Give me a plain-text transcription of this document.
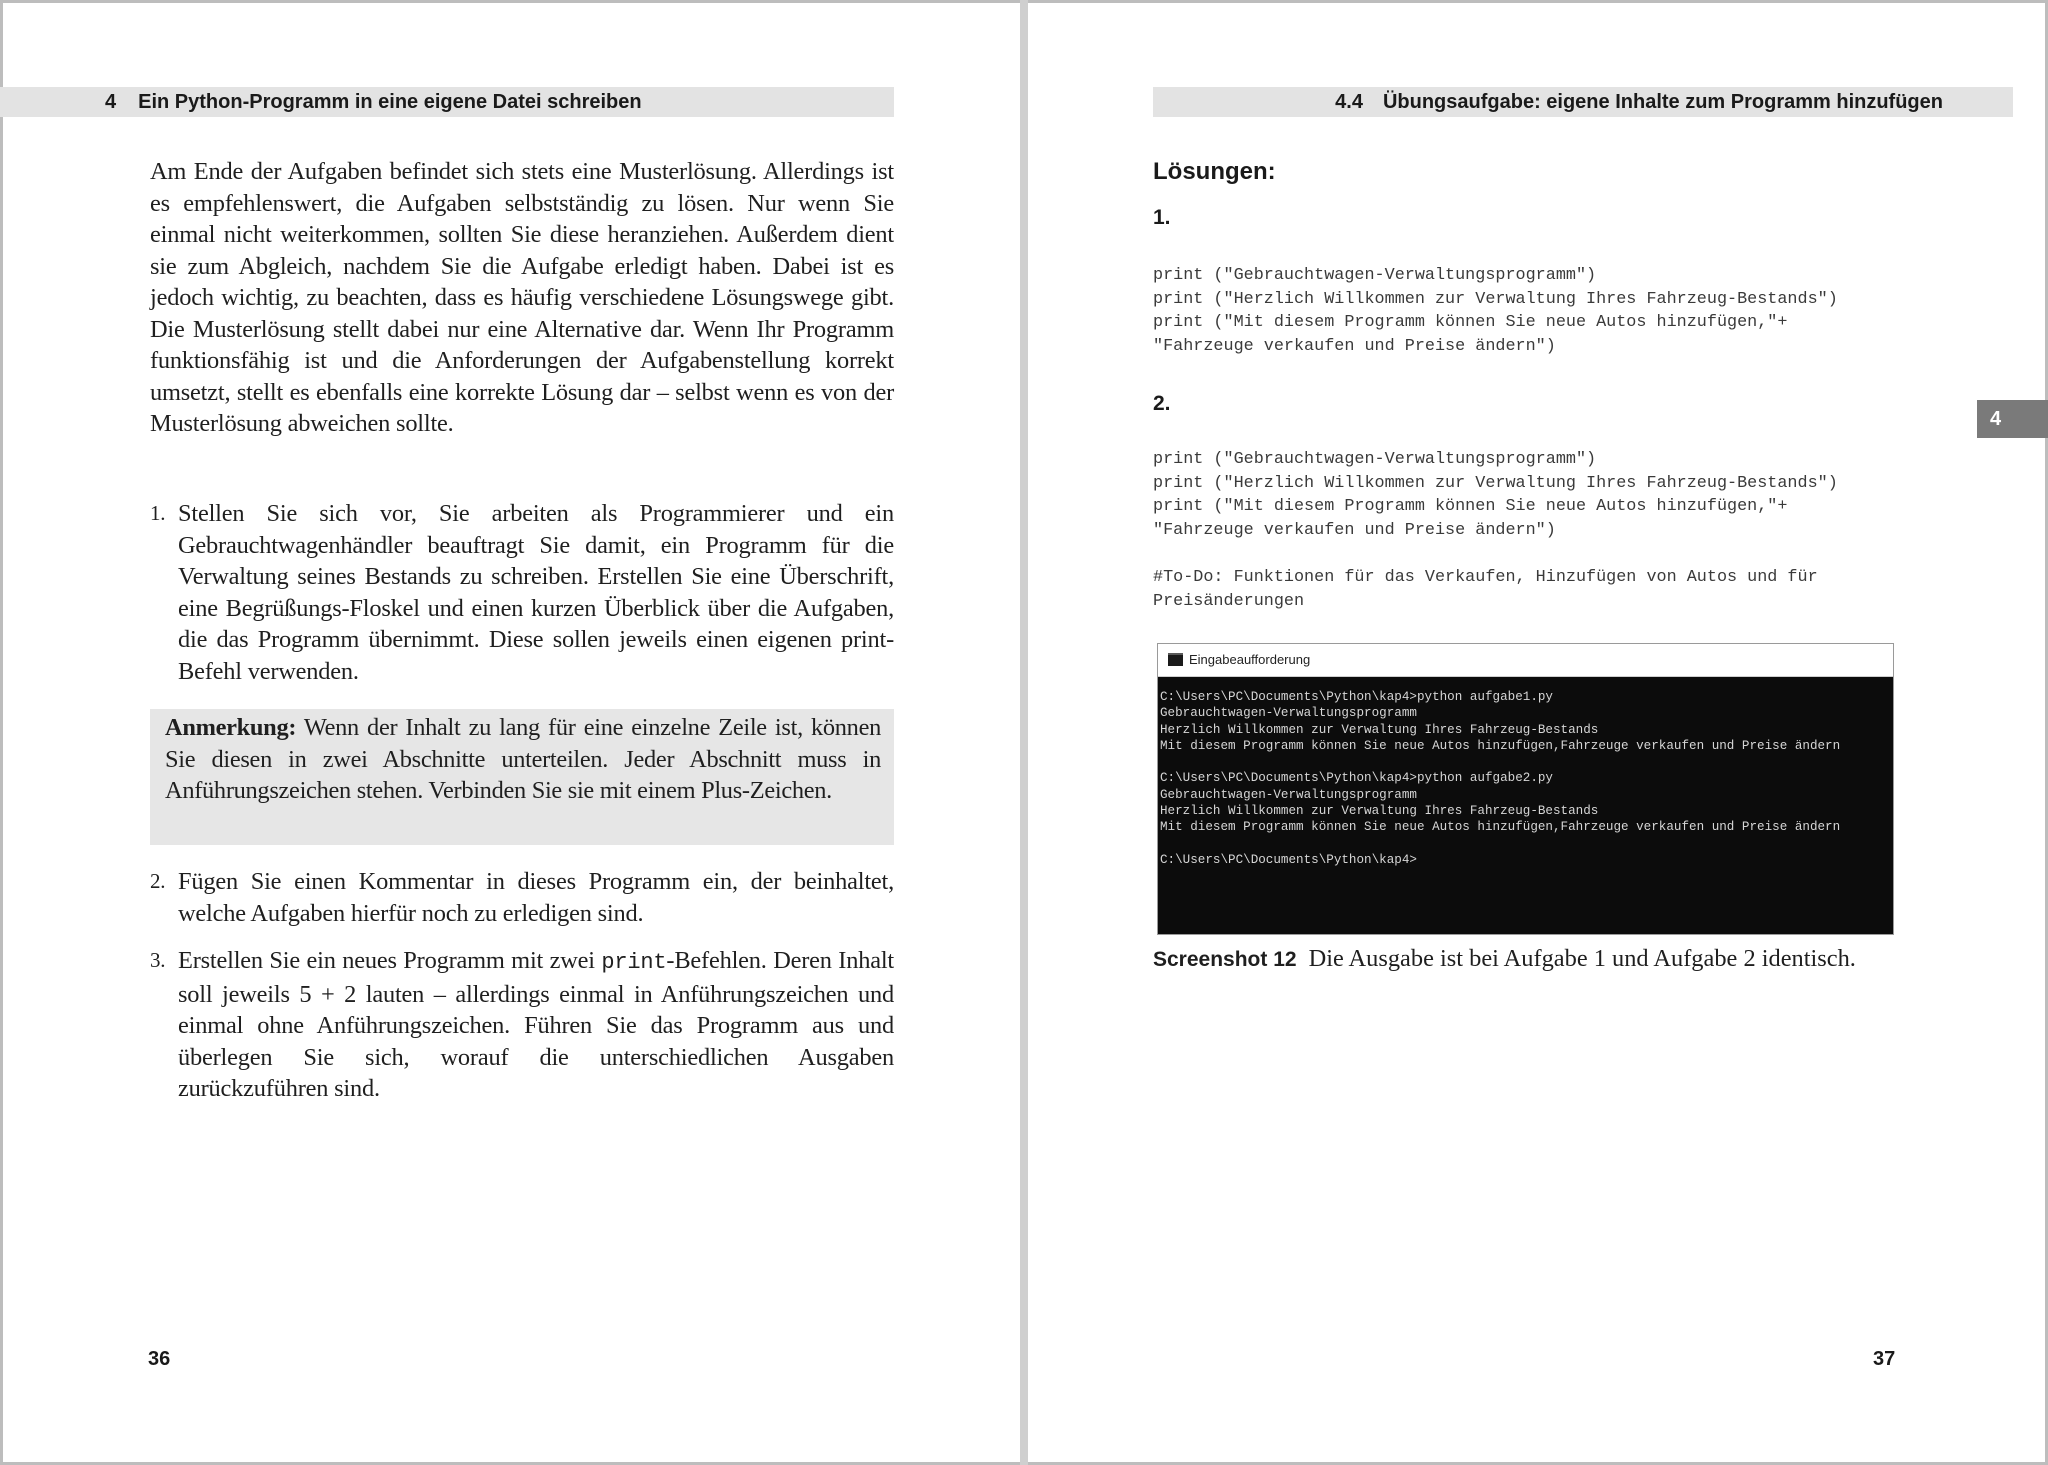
4 Ein Python-Programm in eine eigene Datei schreiben
Am Ende der Aufgaben befindet sich stets eine Musterlösung. Allerdings ist es empfehlenswert, die Aufgaben selbstständig zu lösen. Nur wenn Sie einmal nicht weiterkommen, sollten Sie diese heranziehen. Außerdem dient sie zum Abgleich, nachdem Sie die Aufgabe erledigt haben. Dabei ist es jedoch wichtig, zu beachten, dass es häufig verschiedene Lösungswege gibt. Die Musterlösung stellt dabei nur eine Alternative dar. Wenn Ihr Programm funktionsfähig ist und die Anforderungen der Aufgabenstellung korrekt umsetzt, stellt es ebenfalls eine korrekte Lösung dar – selbst wenn es von der Musterlösung abweichen sollte.
1. Stellen Sie sich vor, Sie arbeiten als Programmierer und ein Gebrauchtwagenhändler beauftragt Sie damit, ein Programm für die Verwaltung seines Bestands zu schreiben. Erstellen Sie eine Überschrift, eine Begrüßungs-Floskel und einen kurzen Überblick über die Aufgaben, die das Programm übernimmt. Diese sollen jeweils einen eigenen print-Befehl verwenden.
Anmerkung: Wenn der Inhalt zu lang für eine einzelne Zeile ist, können Sie diesen in zwei Abschnitte unterteilen. Jeder Abschnitt muss in Anführungszeichen stehen. Verbinden Sie sie mit einem Plus-Zeichen.
2. Fügen Sie einen Kommentar in dieses Programm ein, der beinhaltet, welche Aufgaben hierfür noch zu erledigen sind.
3. Erstellen Sie ein neues Programm mit zwei print-Befehlen. Deren Inhalt soll jeweils 5 + 2 lauten – allerdings einmal in Anführungszeichen und einmal ohne Anführungszeichen. Führen Sie das Programm aus und überlegen Sie sich, worauf die unterschiedlichen Ausgaben zurückzuführen sind.
36
4.4 Übungsaufgabe: eigene Inhalte zum Programm hinzufügen
Lösungen:
1.
print ("Gebrauchtwagen-Verwaltungsprogramm")
print ("Herzlich Willkommen zur Verwaltung Ihres Fahrzeug-Bestands")
print ("Mit diesem Programm können Sie neue Autos hinzufügen,"+
"Fahrzeuge verkaufen und Preise ändern")
2.
print ("Gebrauchtwagen-Verwaltungsprogramm")
print ("Herzlich Willkommen zur Verwaltung Ihres Fahrzeug-Bestands")
print ("Mit diesem Programm können Sie neue Autos hinzufügen,"+
"Fahrzeuge verkaufen und Preise ändern")
#To-Do: Funktionen für das Verkaufen, Hinzufügen von Autos und für
Preisänderungen
4
Eingabeaufforderung
C:\Users\PC\Documents\Python\kap4>python aufgabe1.py
Gebrauchtwagen-Verwaltungsprogramm
Herzlich Willkommen zur Verwaltung Ihres Fahrzeug-Bestands
Mit diesem Programm können Sie neue Autos hinzufügen,Fahrzeuge verkaufen und Preise ändern

C:\Users\PC\Documents\Python\kap4>python aufgabe2.py
Gebrauchtwagen-Verwaltungsprogramm
Herzlich Willkommen zur Verwaltung Ihres Fahrzeug-Bestands
Mit diesem Programm können Sie neue Autos hinzufügen,Fahrzeuge verkaufen und Preise ändern

C:\Users\PC\Documents\Python\kap4>
Screenshot 12 Die Ausgabe ist bei Aufgabe 1 und Aufgabe 2 identisch.
37
